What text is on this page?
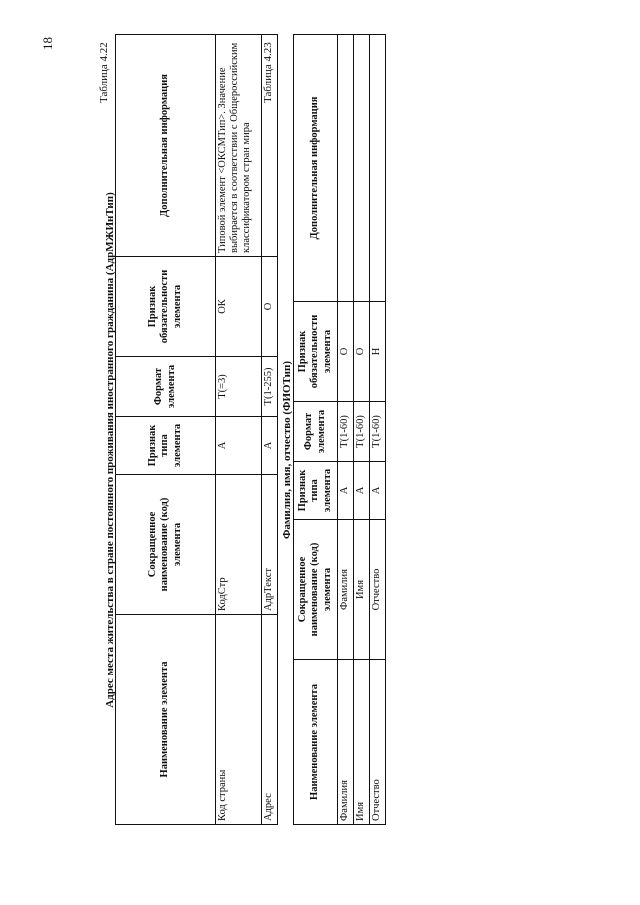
18	Таблица 4.22
Адрес места жительства в стране постоянного проживания иностранного гражданина (АдрМЖИнТип)
Наименование элемента	Сокращенное наименование (код) элемента	Признак типа элемента	Формат элемента	Признак обязательности элемента	Дополнительная информация
Код страны	КодСтр	А	Т(=3)	ОК	Типовой элемент <ОКСМТип>. Значение выбирается в соответствии с Общероссийским классификатором стран мира
Адрес	АдрТекст	А	Т(1-255)	О	
Таблица 4.23
Фамилия, имя, отчество (ФИОТип)
Наименование элемента	Сокращенное наименование (код) элемента	Признак типа элемента	Формат элемента	Признак обязательности элемента	Дополнительная информация
Фамилия	Фамилия	А	Т(1-60)	О	
Имя	Имя	А	Т(1-60)	О	
Отчество	Отчество	А	Т(1-60)	Н	
